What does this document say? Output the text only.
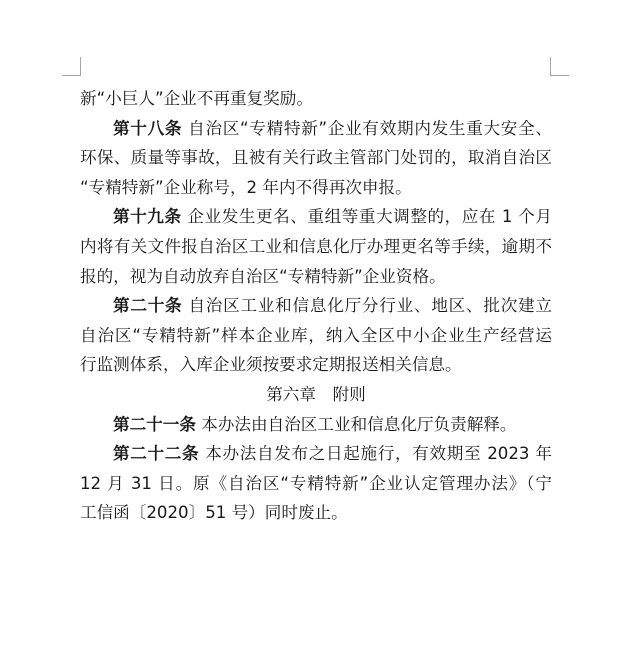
新“小巨人”企业不再重复奖励。
第十八条 自治区“专精特新”企业有效期内发生重大安全、
环保、质量等事故，且被有关行政主管部门处罚的，取消自治区
“专精特新”企业称号，2 年内不得再次申报。
第十九条 企业发生更名、重组等重大调整的，应在 1 个月
内将有关文件报自治区工业和信息化厅办理更名等手续，逾期不
报的，视为自动放弃自治区“专精特新”企业资格。
第二十条 自治区工业和信息化厅分行业、地区、批次建立
自治区“专精特新”样本企业库，纳入全区中小企业生产经营运
行监测体系，入库企业须按要求定期报送相关信息。
第六章　附则
第二十一条 本办法由自治区工业和信息化厅负责解释。
第二十二条 本办法自发布之日起施行，有效期至 2023 年
12 月 31 日。原《自治区“专精特新”企业认定管理办法》（宁
工信函〔2020〕51 号）同时废止。
